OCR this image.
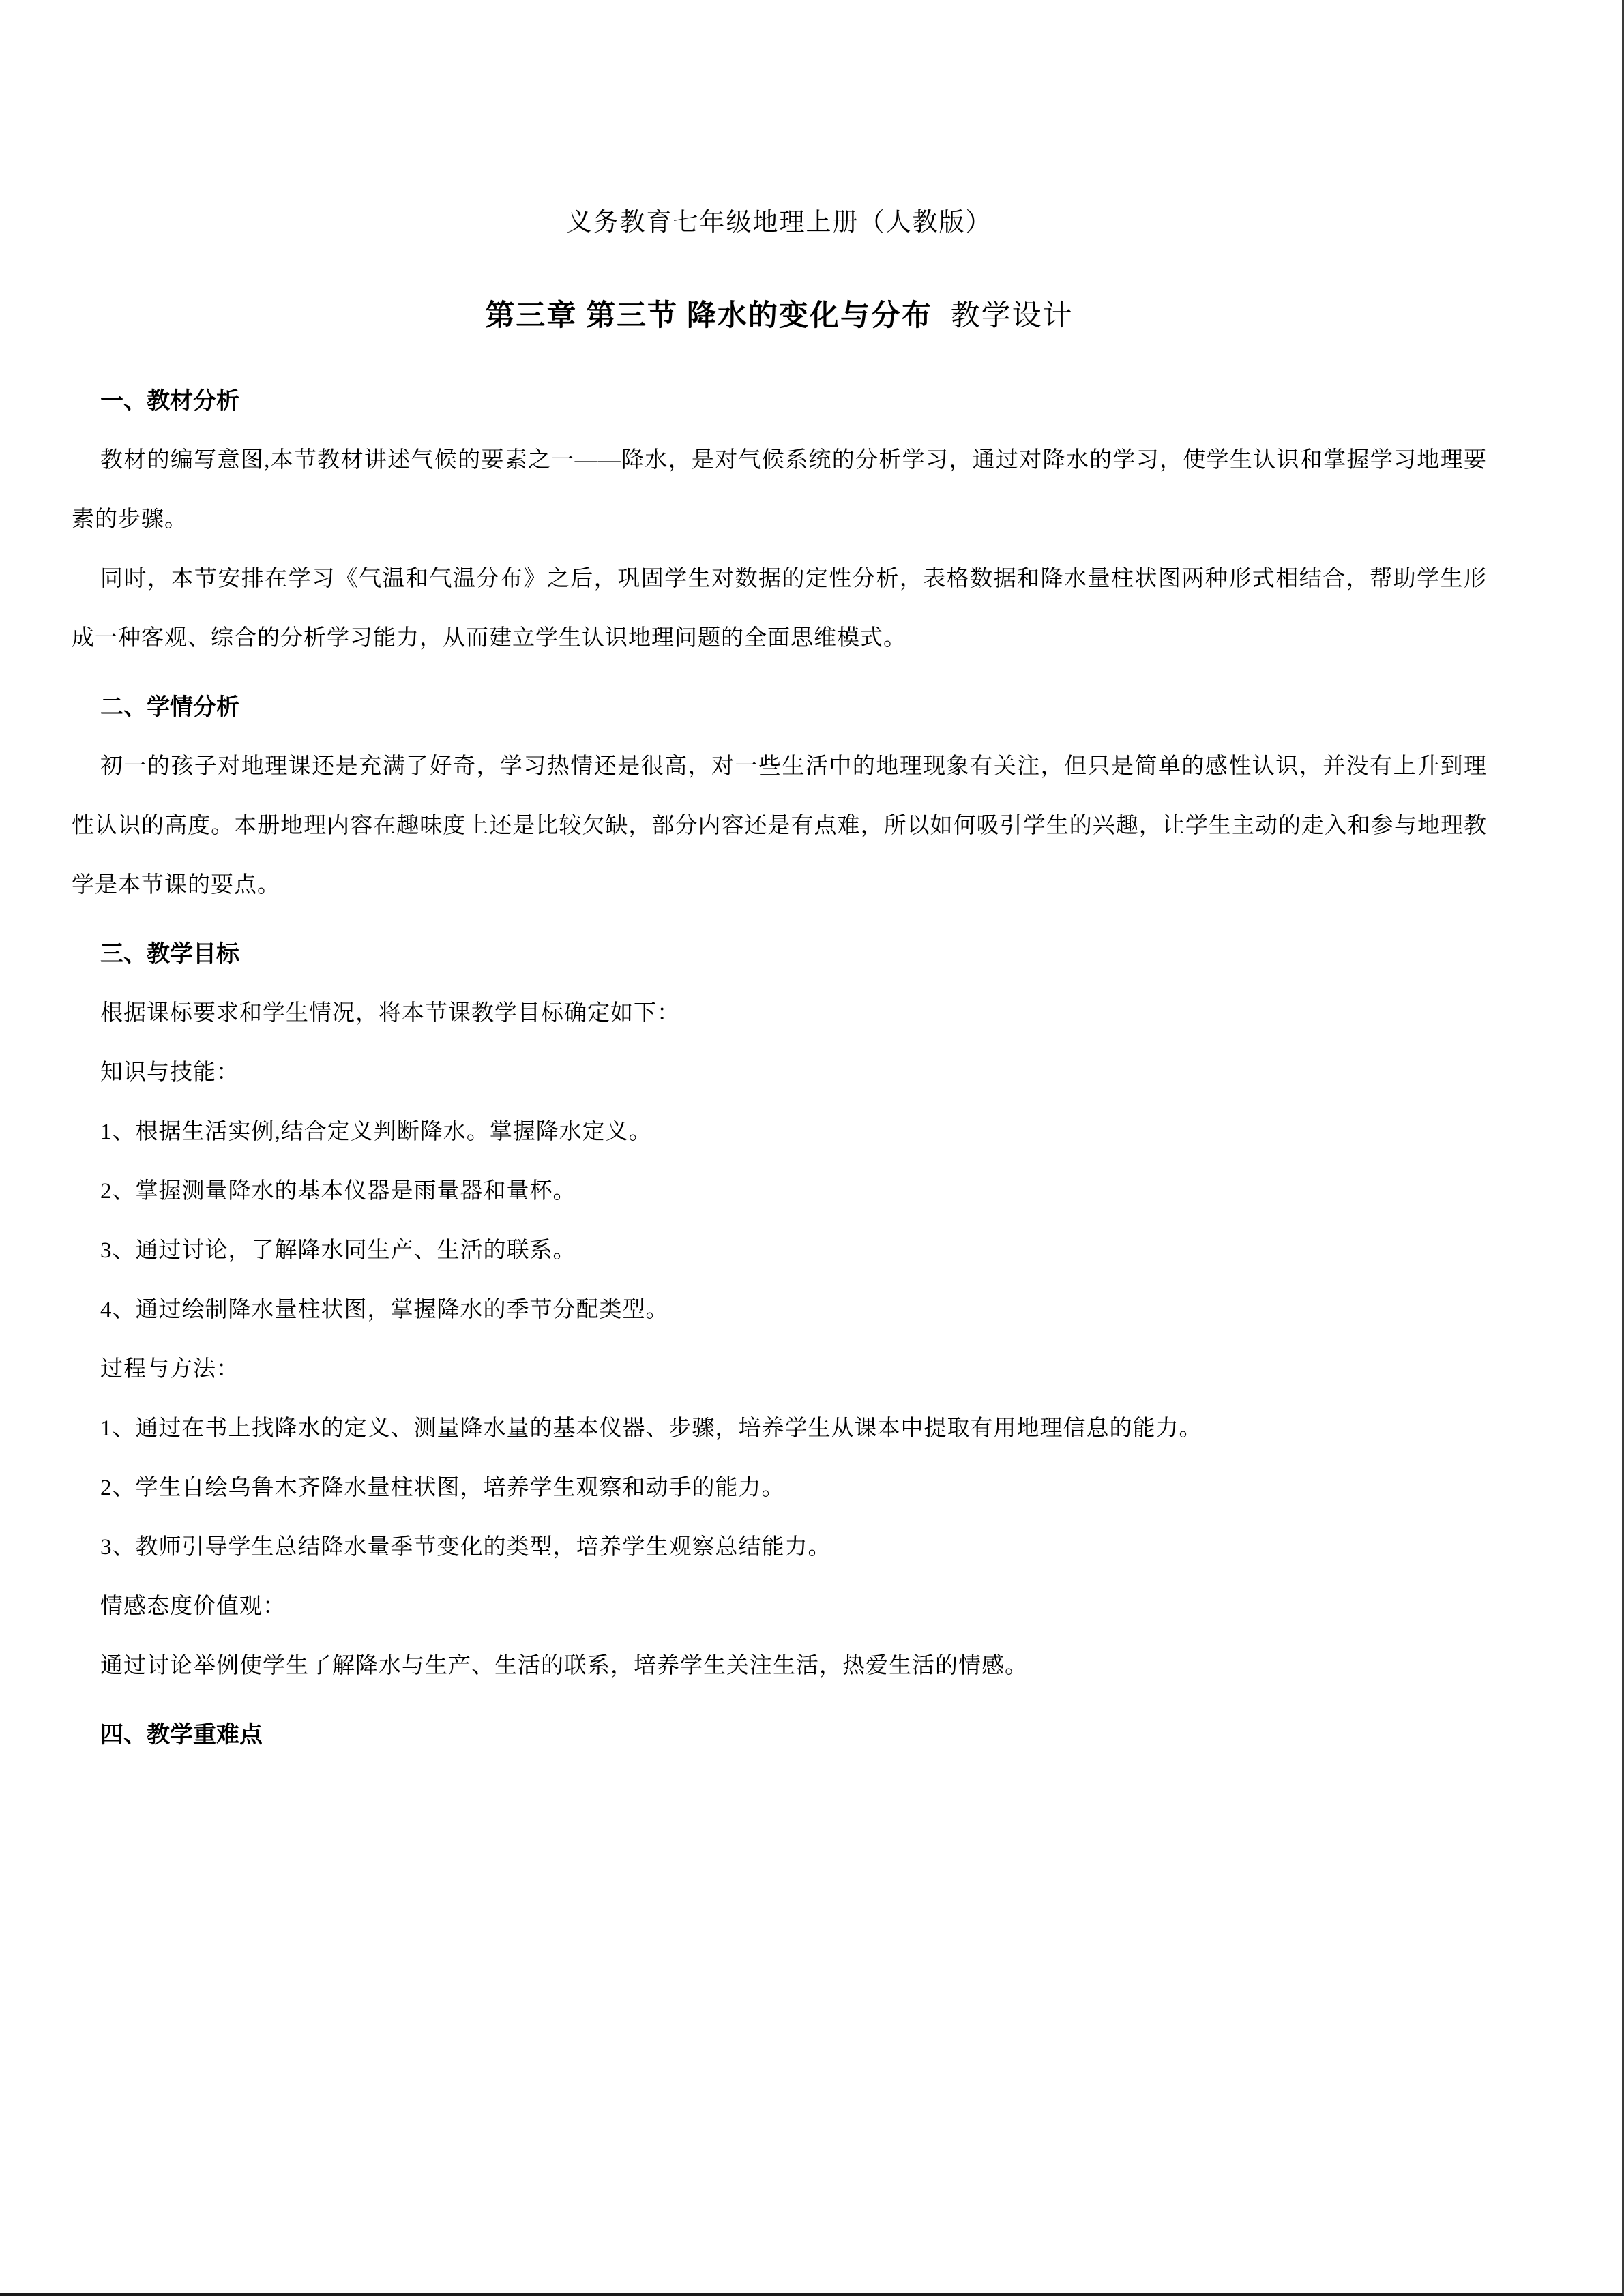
义务教育七年级地理上册（人教版）
第三章 第三节 降水的变化与分布 教学设计
一、教材分析

教材的编写意图,本节教材讲述气候的要素之一——降水，是对气候系统的分析学习，通过对降水的学习，使学生认识和掌握学习地理要素的步骤。

同时，本节安排在学习《气温和气温分布》之后，巩固学生对数据的定性分析，表格数据和降水量柱状图两种形式相结合，帮助学生形成一种客观、综合的分析学习能力，从而建立学生认识地理问题的全面思维模式。

二、学情分析

初一的孩子对地理课还是充满了好奇，学习热情还是很高，对一些生活中的地理现象有关注，但只是简单的感性认识，并没有上升到理性认识的高度。本册地理内容在趣味度上还是比较欠缺，部分内容还是有点难，所以如何吸引学生的兴趣，让学生主动的走入和参与地理教学是本节课的要点。

三、教学目标

根据课标要求和学生情况，将本节课教学目标确定如下：

知识与技能：

1、根据生活实例,结合定义判断降水。掌握降水定义。

2、掌握测量降水的基本仪器是雨量器和量杯。

3、通过讨论，了解降水同生产、生活的联系。

4、通过绘制降水量柱状图，掌握降水的季节分配类型。

过程与方法：

1、通过在书上找降水的定义、测量降水量的基本仪器、步骤，培养学生从课本中提取有用地理信息的能力。

2、学生自绘乌鲁木齐降水量柱状图，培养学生观察和动手的能力。

3、教师引导学生总结降水量季节变化的类型，培养学生观察总结能力。

情感态度价值观：

通过讨论举例使学生了解降水与生产、生活的联系，培养学生关注生活，热爱生活的情感。

四、教学重难点
